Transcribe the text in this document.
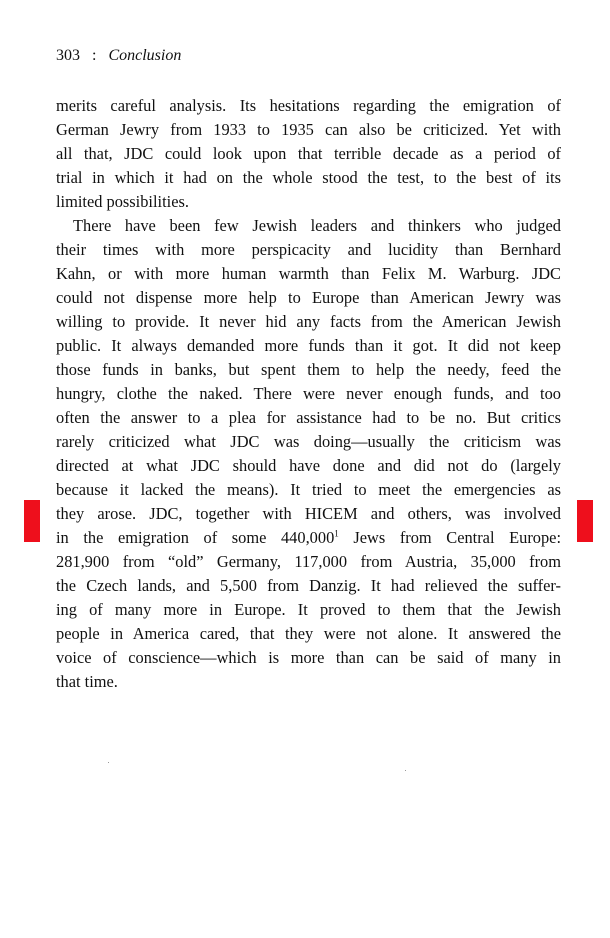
303 : Conclusion
merits careful analysis. Its hesitations regarding the emigration of
German Jewry from 1933 to 1935 can also be criticized. Yet with
all that, JDC could look upon that terrible decade as a period of
trial in which it had on the whole stood the test, to the best of its
limited possibilities.
There have been few Jewish leaders and thinkers who judged
their times with more perspicacity and lucidity than Bernhard
Kahn, or with more human warmth than Felix M. Warburg. JDC
could not dispense more help to Europe than American Jewry was
willing to provide. It never hid any facts from the American Jewish
public. It always demanded more funds than it got. It did not keep
those funds in banks, but spent them to help the needy, feed the
hungry, clothe the naked. There were never enough funds, and too
often the answer to a plea for assistance had to be no. But critics
rarely criticized what JDC was doing—usually the criticism was
directed at what JDC should have done and did not do (largely
because it lacked the means). It tried to meet the emergencies as
they arose. JDC, together with HICEM and others, was involved
in the emigration of some 440,000$^1$ Jews from Central Europe:
281,900 from “old” Germany, 117,000 from Austria, 35,000 from
the Czech lands, and 5,500 from Danzig. It had relieved the suffer-
ing of many more in Europe. It proved to them that the Jewish
people in America cared, that they were not alone. It answered the
voice of conscience—which is more than can be said of many in
that time.
